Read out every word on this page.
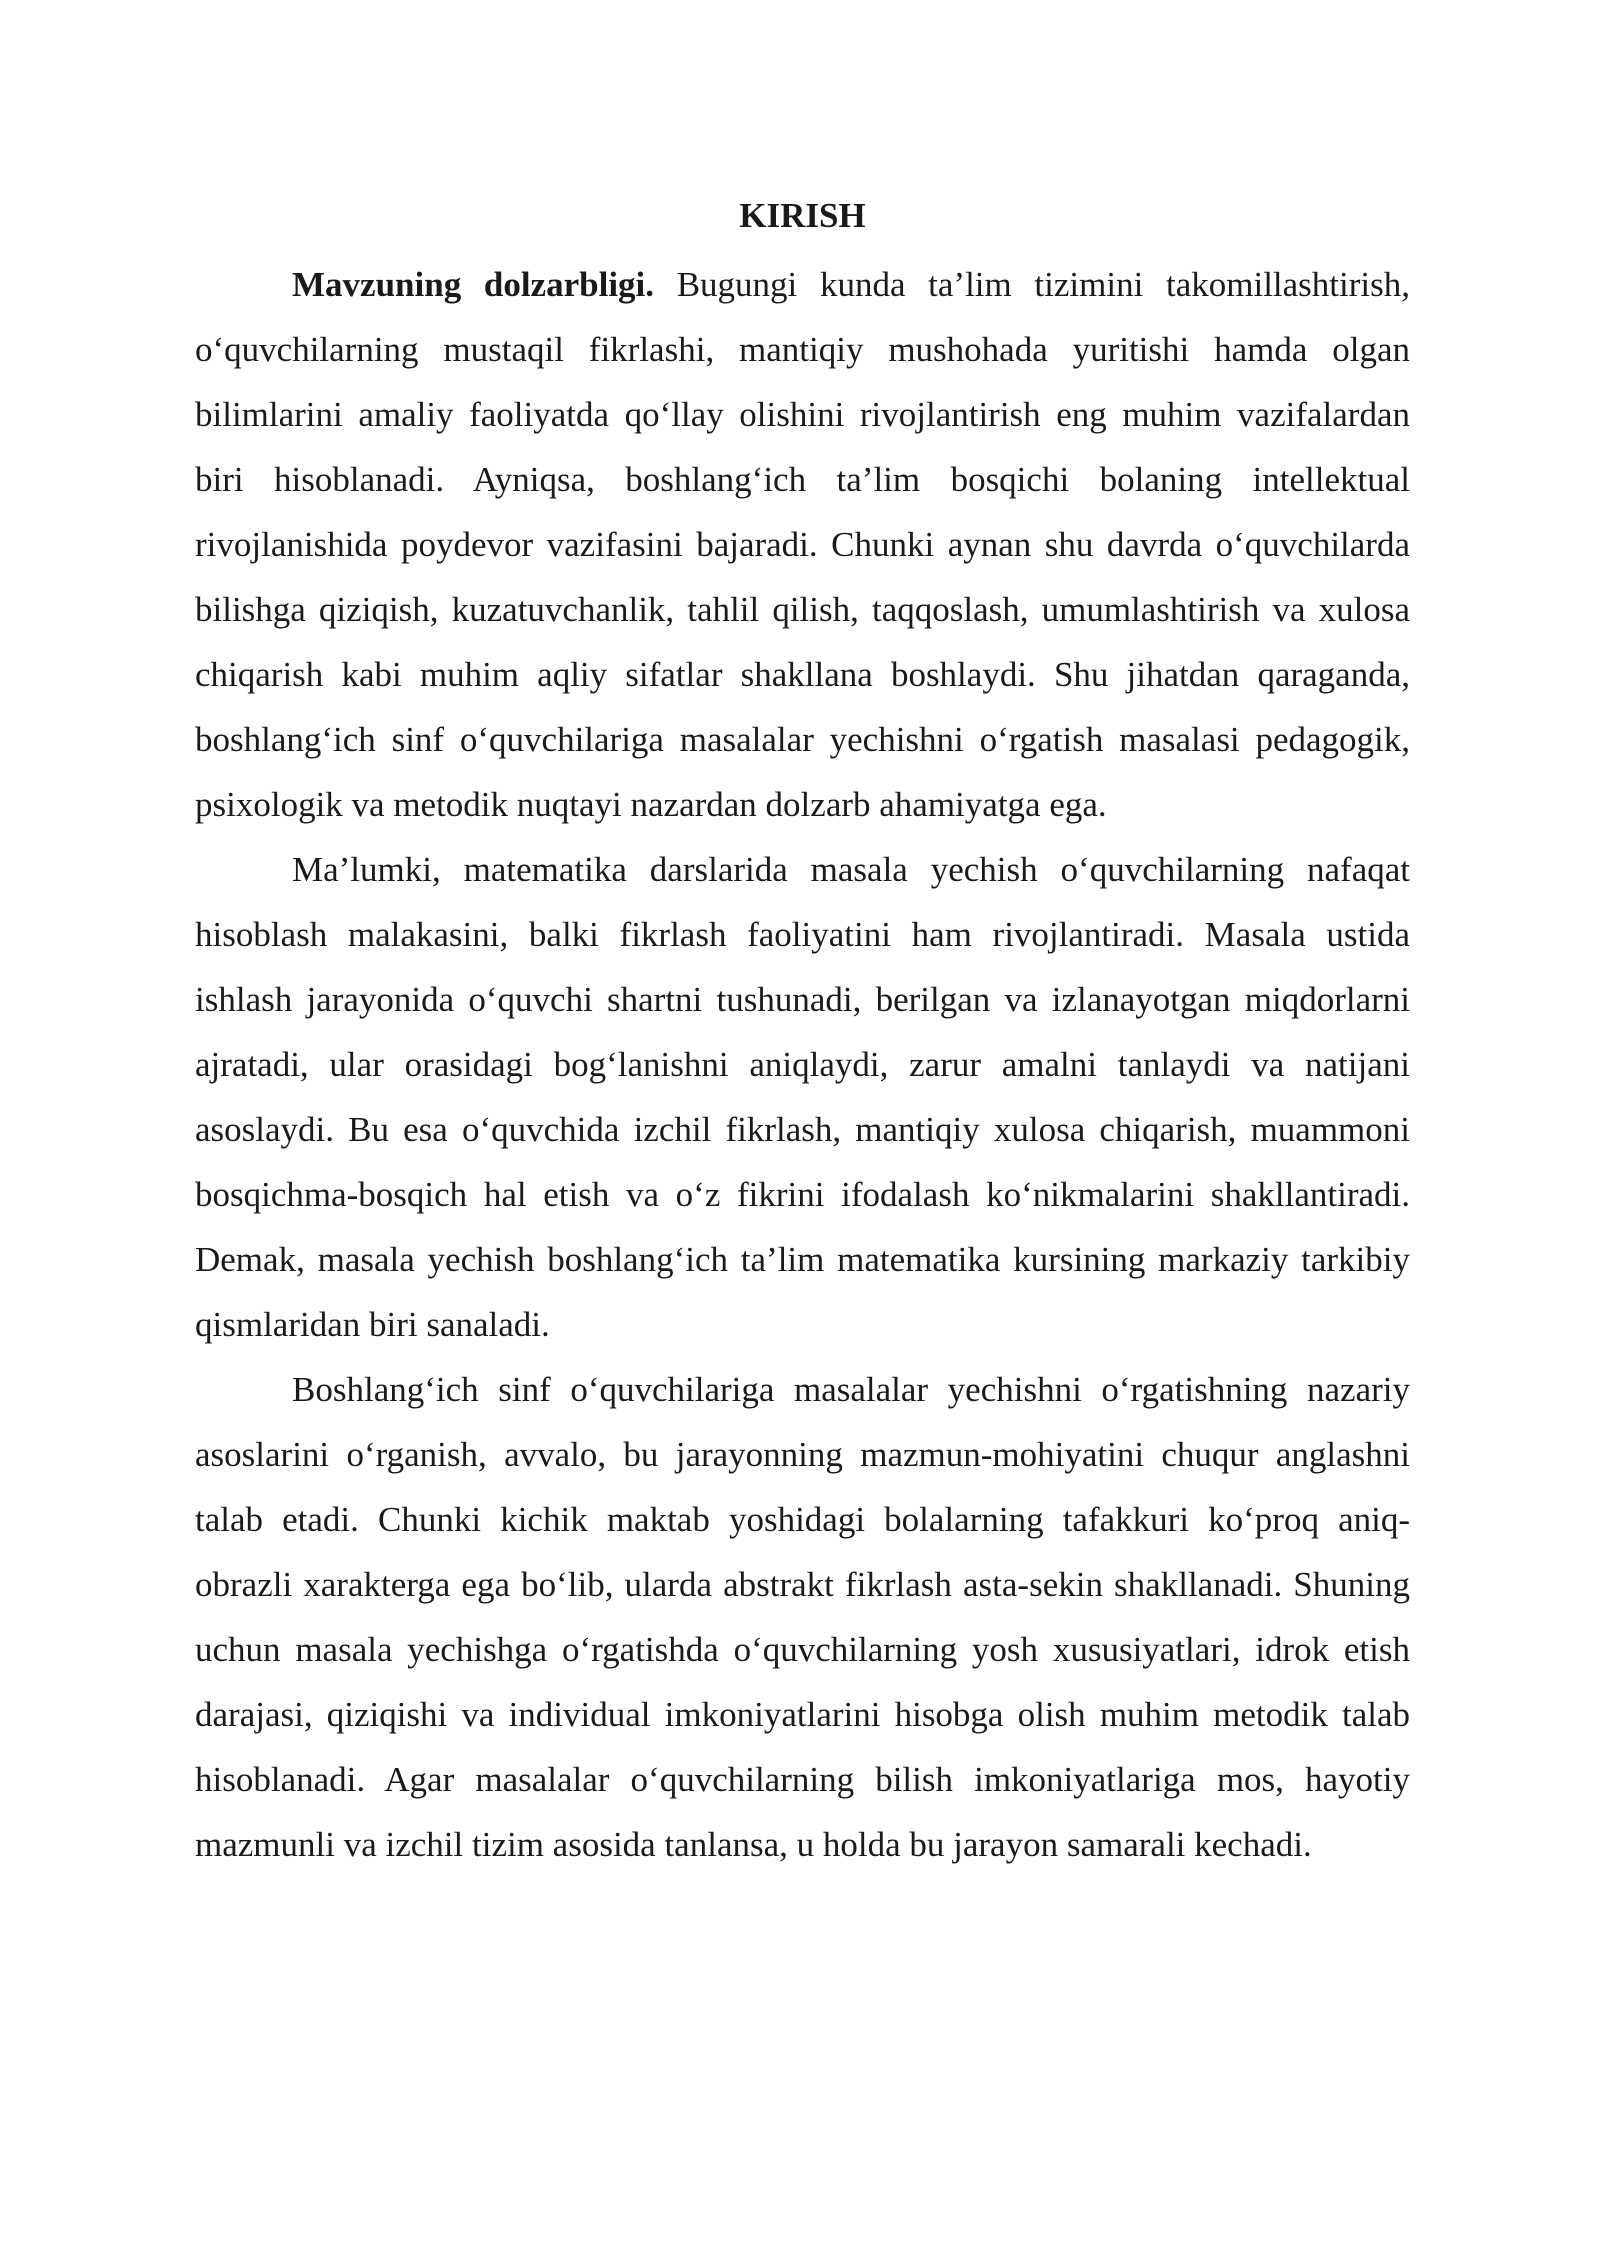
KIRISH

Mavzuning dolzarbligi. Bugungi kunda ta’lim tizimini takomillashtirish, o‘quvchilarning mustaqil fikrlashi, mantiqiy mushohada yuritishi hamda olgan bilimlarini amaliy faoliyatda qo‘llay olishini rivojlantirish eng muhim vazifalardan biri hisoblanadi. Ayniqsa, boshlang‘ich ta’lim bosqichi bolaning intellektual rivojlanishida poydevor vazifasini bajaradi. Chunki aynan shu davrda o‘quvchilarda bilishga qiziqish, kuzatuvchanlik, tahlil qilish, taqqoslash, umumlashtirish va xulosa chiqarish kabi muhim aqliy sifatlar shakllana boshlaydi. Shu jihatdan qaraganda, boshlang‘ich sinf o‘quvchilariga masalalar yechishni o‘rgatish masalasi pedagogik, psixologik va metodik nuqtayi nazardan dolzarb ahamiyatga ega.

Ma’lumki, matematika darslarida masala yechish o‘quvchilarning nafaqat hisoblash malakasini, balki fikrlash faoliyatini ham rivojlantiradi. Masala ustida ishlash jarayonida o‘quvchi shartni tushunadi, berilgan va izlanayotgan miqdorlarni ajratadi, ular orasidagi bog‘lanishni aniqlaydi, zarur amalni tanlaydi va natijani asoslaydi. Bu esa o‘quvchida izchil fikrlash, mantiqiy xulosa chiqarish, muammoni bosqichma-bosqich hal etish va o‘z fikrini ifodalash ko‘nikmalarini shakllantiradi. Demak, masala yechish boshlang‘ich ta’lim matematika kursining markaziy tarkibiy qismlaridan biri sanaladi.

Boshlang‘ich sinf o‘quvchilariga masalalar yechishni o‘rgatishning nazariy asoslarini o‘rganish, avvalo, bu jarayonning mazmun-mohiyatini chuqur anglashni talab etadi. Chunki kichik maktab yoshidagi bolalarning tafakkuri ko‘proq aniq-obrazli xarakterga ega bo‘lib, ularda abstrakt fikrlash asta-sekin shakllanadi. Shuning uchun masala yechishga o‘rgatishda o‘quvchilarning yosh xususiyatlari, idrok etish darajasi, qiziqishi va individual imkoniyatlarini hisobga olish muhim metodik talab hisoblanadi. Agar masalalar o‘quvchilarning bilish imkoniyatlariga mos, hayotiy mazmunli va izchil tizim asosida tanlansa, u holda bu jarayon samarali kechadi.
